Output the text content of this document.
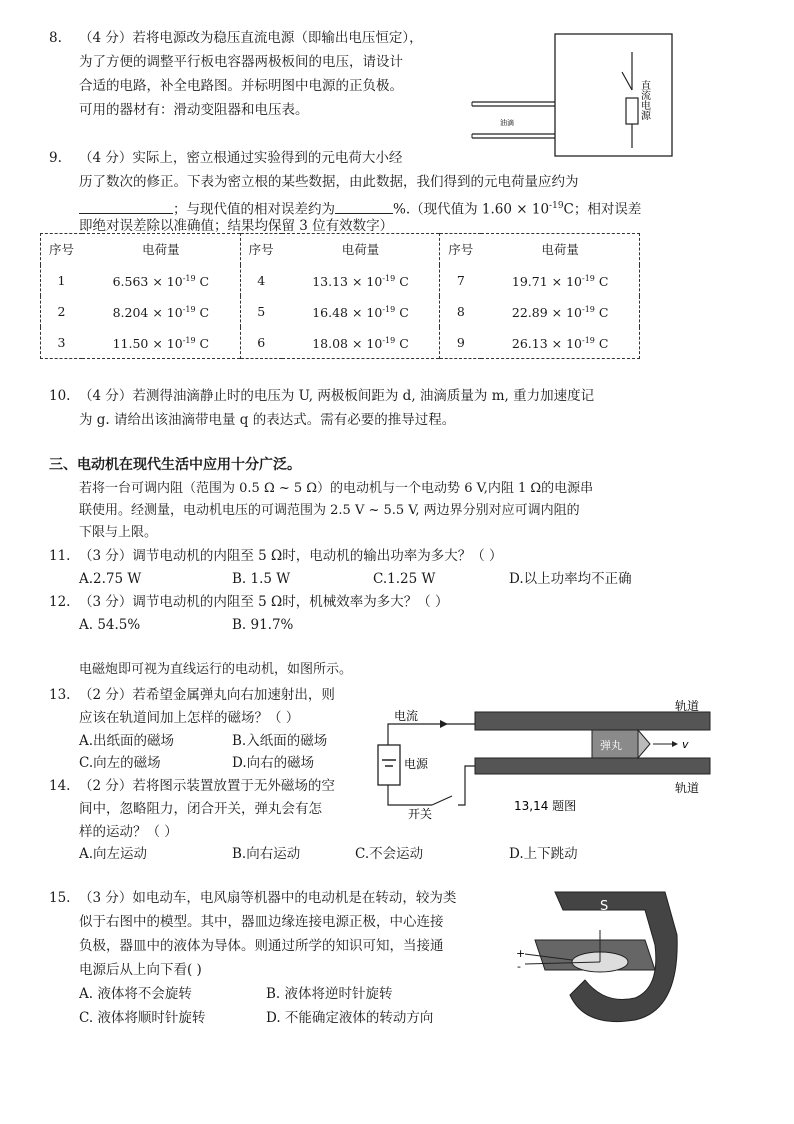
8. （4 分）若将电源改为稳压直流电源（即输出电压恒定），
为了方便的调整平行板电容器两极板间的电压，请设计
合适的电路，补全电路图。并标明图中电源的正负极。
可用的器材有：滑动变阻器和电压表。
油滴
直流电源
9. （4 分）实际上，密立根通过实验得到的元电荷大小经
历了数次的修正。下表为密立根的某些数据，由此数据，我们得到的元电荷量应约为
；与现代值的相对误差约为	%.（现代值为 $1.60 \times 10^{-19}C$；相对误差
即绝对误差除以准确值；结果均保留 3 位有效数字）
序号	电荷量	序号	电荷量	序号	电荷量
1	$6.563 \times 10^{-19}$ C	4	$13.13 \times 10^{-19}$ C	7	$19.71 \times 10^{-19}$ C
2	$8.204 \times 10^{-19}$ C	5	$16.48 \times 10^{-19}$ C	8	$22.89 \times 10^{-19}$ C
3	$11.50 \times 10^{-19}$ C	6	$18.08 \times 10^{-19}$ C	9	$26.13 \times 10^{-19}$ C
10. （4 分）若测得油滴静止时的电压为 U, 两极板间距为 d, 油滴质量为 m, 重力加速度记
为 g. 请给出该油滴带电量 q 的表达式。需有必要的推导过程。
三、电动机在现代生活中应用十分广泛。
若将一台可调内阻（范围为 0.5 Ω ~ 5 Ω）的电动机与一个电动势 6 V,内阻 1 Ω的电源串
联使用。经测量，电动机电压的可调范围为 2.5 V ~ 5.5 V, 两边界分别对应可调内阻的
下限与上限。
11. （3 分）调节电动机的内阻至 5 Ω时，电动机的输出功率为多大？（ ）
A.2.75 W	B. 1.5 W	C.1.25 W	D.以上功率均不正确
12. （3 分）调节电动机的内阻至 5 Ω时，机械效率为多大？（ ）
A. 54.5%	B. 91.7%
电磁炮即可视为直线运行的电动机，如图所示。
13. （2 分）若希望金属弹丸向右加速射出，则
应该在轨道间加上怎样的磁场？（ ）
A.出纸面的磁场	B.入纸面的磁场
C.向左的磁场	D.向右的磁场
14. （2 分）若将图示装置放置于无外磁场的空
间中，忽略阻力，闭合开关，弹丸会有怎
样的运动？（ ）
A.向左运动	B.向右运动	C.不会运动	D.上下跳动
轨道
轨道
电流
电源
开关
弹丸	v
13,14 题图
15. （3 分）如电动车，电风扇等机器中的电动机是在转动，较为类
似于右图中的模型。其中，器皿边缘连接电源正极，中心连接
负极，器皿中的液体为导体。则通过所学的知识可知，当接通
电源后从上向下看( )
A. 液体将不会旋转	B. 液体将逆时针旋转
C. 液体将顺时针旋转	D. 不能确定液体的转动方向
S
+
-
